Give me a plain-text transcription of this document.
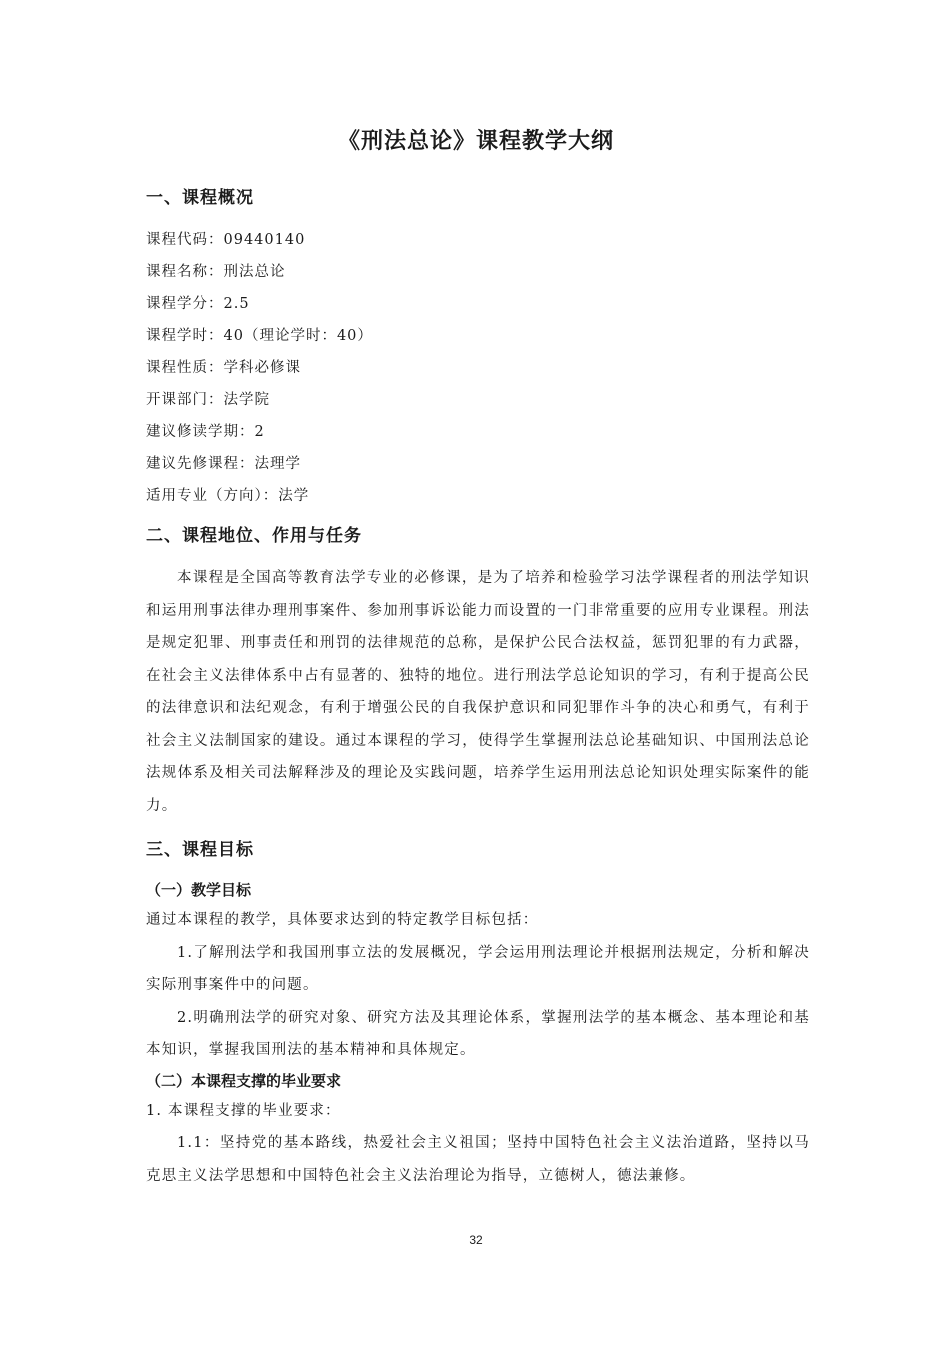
《刑法总论》课程教学大纲
一、课程概况
课程代码：09440140
课程名称：刑法总论
课程学分：2.5
课程学时：40（理论学时：40）
课程性质：学科必修课
开课部门：法学院
建议修读学期：2
建议先修课程：法理学
适用专业（方向）：法学
二、课程地位、作用与任务

本课程是全国高等教育法学专业的必修课，是为了培养和检验学习法学课程者的刑法学知识和运用刑事法律办理刑事案件、参加刑事诉讼能力而设置的一门非常重要的应用专业课程。刑法是规定犯罪、刑事责任和刑罚的法律规范的总称，是保护公民合法权益，惩罚犯罪的有力武器，在社会主义法律体系中占有显著的、独特的地位。进行刑法学总论知识的学习，有利于提高公民的法律意识和法纪观念，有利于增强公民的自我保护意识和同犯罪作斗争的决心和勇气，有利于社会主义法制国家的建设。通过本课程的学习，使得学生掌握刑法总论基础知识、中国刑法总论法规体系及相关司法解释涉及的理论及实践问题，培养学生运用刑法总论知识处理实际案件的能力。

三、课程目标
（一）教学目标

通过本课程的教学，具体要求达到的特定教学目标包括：

1.了解刑法学和我国刑事立法的发展概况，学会运用刑法理论并根据刑法规定，分析和解决实际刑事案件中的问题。

2.明确刑法学的研究对象、研究方法及其理论体系，掌握刑法学的基本概念、基本理论和基本知识，掌握我国刑法的基本精神和具体规定。

（二）本课程支撑的毕业要求

1. 本课程支撑的毕业要求：

1.1：坚持党的基本路线，热爱社会主义祖国；坚持中国特色社会主义法治道路，坚持以马克思主义法学思想和中国特色社会主义法治理论为指导，立德树人，德法兼修。

32
